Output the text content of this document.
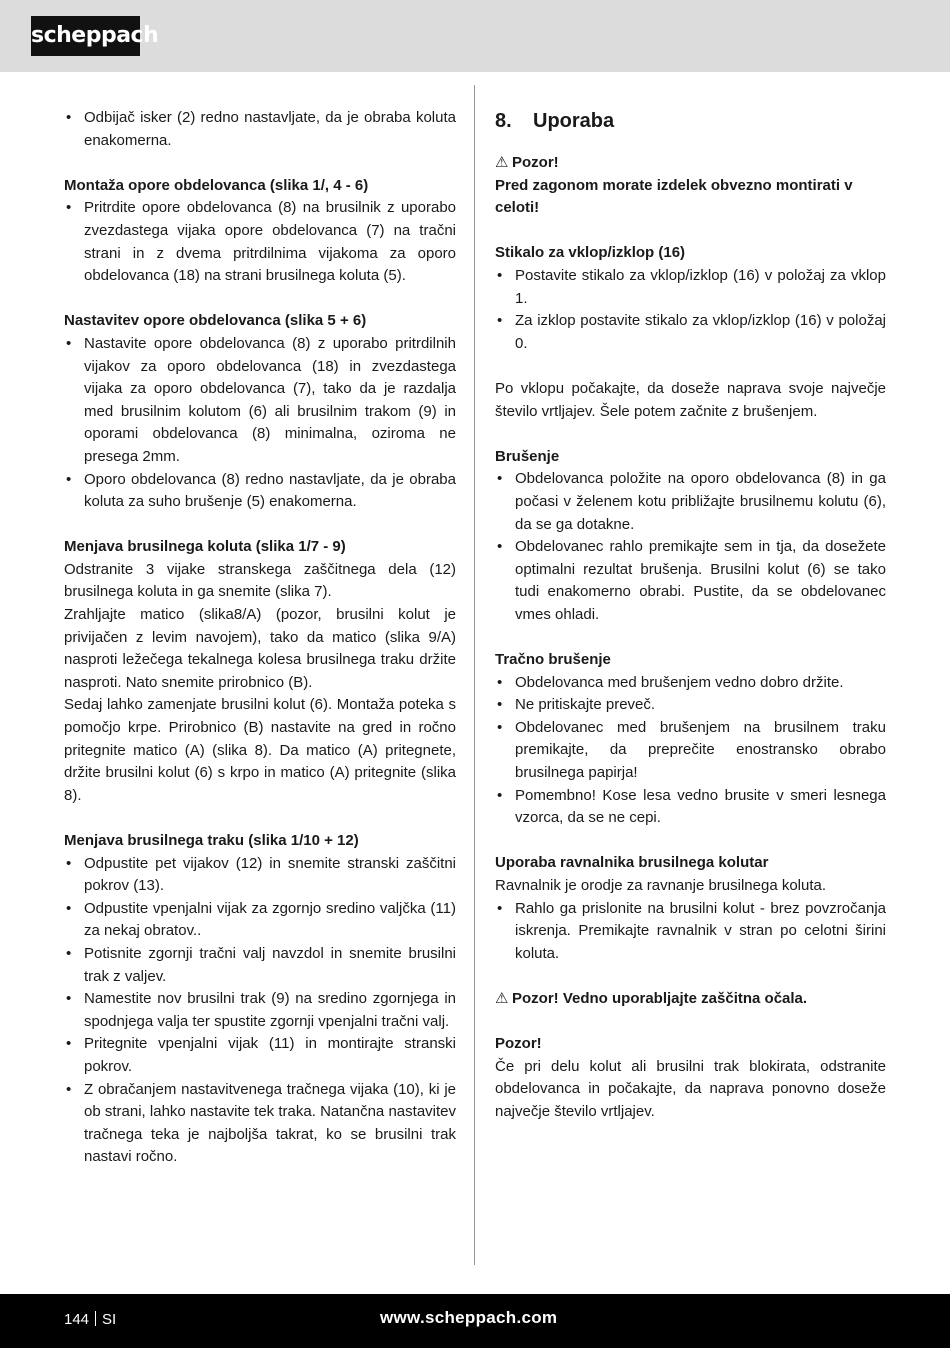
scheppach
• Odbijač isker (2) redno nastavljate, da je obraba koluta enakomerna.
Montaža opore obdelovanca (slika 1/, 4 - 6)
• Pritrdite opore obdelovanca (8) na brusilnik z uporabo zvezdastega vijaka opore obdelovanca (7) na tračni strani in z dvema pritrdilnima vijakoma za oporo obdelovanca (18) na strani brusilnega koluta (5).
Nastavitev opore obdelovanca (slika 5 + 6)
• Nastavite opore obdelovanca (8) z uporabo pritrdilnih vijakov za oporo obdelovanca (18) in zvezdastega vijaka za oporo obdelovanca (7), tako da je razdalja med brusilnim kolutom (6) ali brusilnim trakom (9) in oporami obdelovanca (8) minimalna, oziroma ne presega 2mm.
• Oporo obdelovanca (8) redno nastavljate, da je obraba koluta za suho brušenje (5) enakomerna.
Menjava brusilnega koluta (slika 1/7 - 9)
Odstranite 3 vijake stranskega zaščitnega dela (12) brusilnega koluta in ga snemite (slika 7).
Zrahljajte matico (slika8/A) (pozor, brusilni kolut je privijačen z levim navojem), tako da matico (slika 9/A) nasproti ležečega tekalnega kolesa brusilnega traku držite nasproti. Nato snemite prirobnico (B).
Sedaj lahko zamenjate brusilni kolut (6). Montaža poteka s pomočjo krpe. Prirobnico (B) nastavite na gred in ročno pritegnite matico (A) (slika 8). Da matico (A) pritegnete, držite brusilni kolut (6) s krpo in matico (A) pritegnite (slika 8).
Menjava brusilnega traku (slika 1/10 + 12)
• Odpustite pet vijakov (12) in snemite stranski zaščitni pokrov (13).
• Odpustite vpenjalni vijak za zgornjo sredino valjčka (11) za nekaj obratov..
• Potisnite zgornji tračni valj navzdol in snemite brusilni trak z valjev.
• Namestite nov brusilni trak (9) na sredino zgornjega in spodnjega valja ter spustite zgornji vpenjalni tračni valj.
• Pritegnite vpenjalni vijak (11) in montirajte stranski pokrov.
• Z obračanjem nastavitvenega tračnega vijaka (10), ki je ob strani, lahko nastavite tek traka. Natančna nastavitev tračnega teka je najboljša takrat, ko se brusilni trak nastavi ročno.
8. Uporaba
⚠ Pozor!
Pred zagonom morate izdelek obvezno montirati v celoti!
Stikalo za vklop/izklop (16)
• Postavite stikalo za vklop/izklop (16) v položaj za vklop 1.
• Za izklop postavite stikalo za vklop/izklop (16) v položaj 0.
Po vklopu počakajte, da doseže naprava svoje največje število vrtljajev. Šele potem začnite z brušenjem.
Brušenje
• Obdelovanca položite na oporo obdelovanca (8) in ga počasi v želenem kotu približajte brusilnemu kolutu (6), da se ga dotakne.
• Obdelovanec rahlo premikajte sem in tja, da dosežete optimalni rezultat brušenja. Brusilni kolut (6) se tako tudi enakomerno obrabi. Pustite, da se obdelovanec vmes ohladi.
Tračno brušenje
• Obdelovanca med brušenjem vedno dobro držite.
• Ne pritiskajte preveč.
• Obdelovanec med brušenjem na brusilnem traku premikajte, da preprečite enostransko obrabo brusilnega papirja!
• Pomembno! Kose lesa vedno brusite v smeri lesnega vzorca, da se ne cepi.
Uporaba ravnalnika brusilnega kolutar
Ravnalnik je orodje za ravnanje brusilnega koluta.
• Rahlo ga prislonite na brusilni kolut - brez povzročanja iskrenja. Premikajte ravnalnik v stran po celotni širini koluta.
⚠ Pozor! Vedno uporabljajte zaščitna očala.
Pozor!
Če pri delu kolut ali brusilni trak blokirata, odstranite obdelovanca in počakajte, da naprava ponovno doseže največje število vrtljajev.
144 SI	www.scheppach.com
